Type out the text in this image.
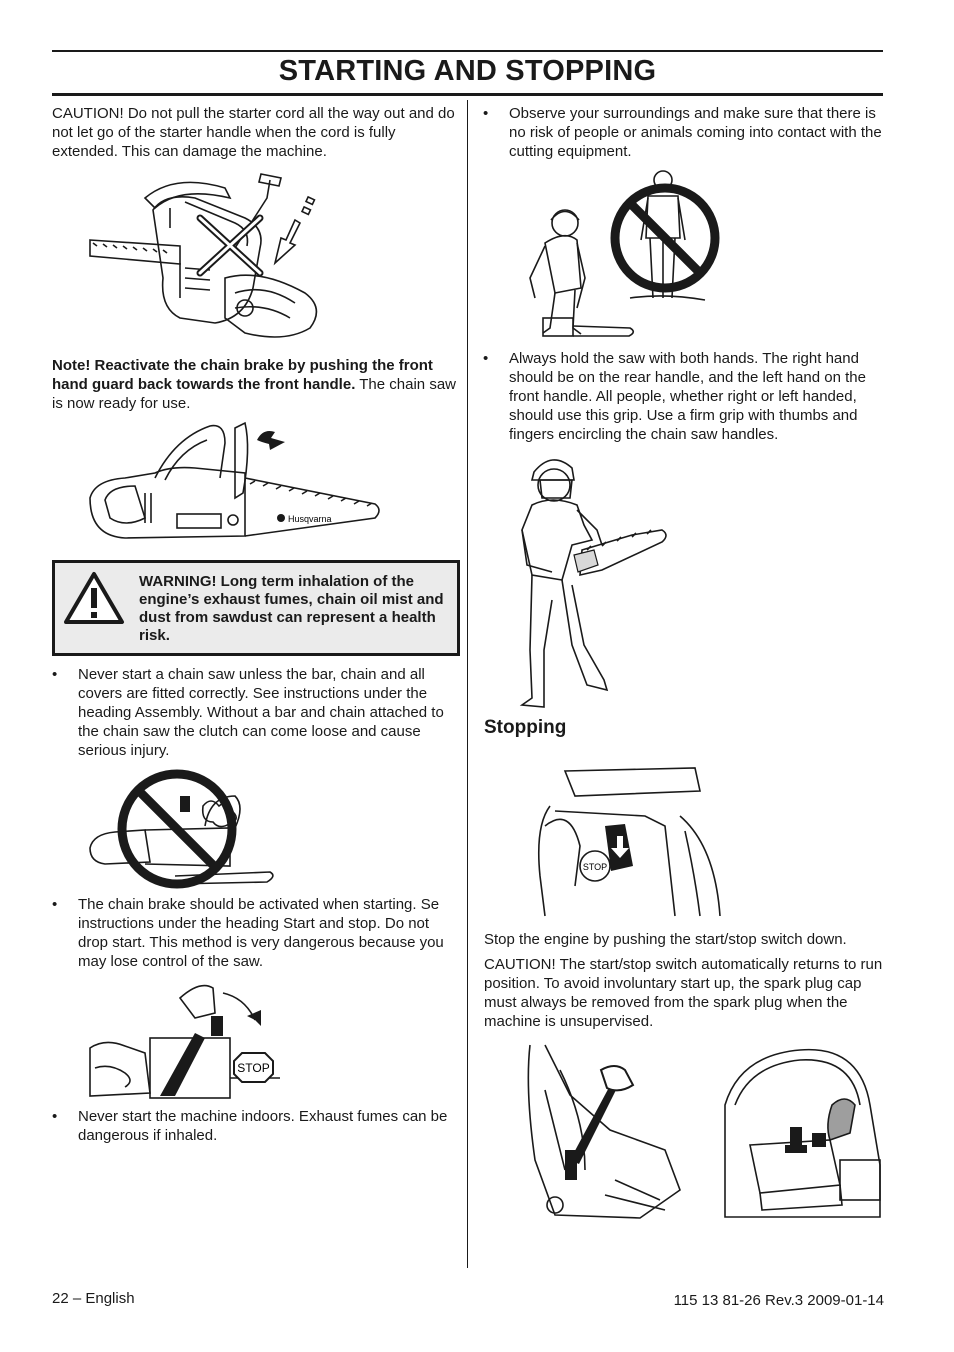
STARTING AND STOPPING

CAUTION! Do not pull the starter cord all the way out and do not let go of the starter handle when the cord is fully extended. This can damage the machine.

Note! Reactivate the chain brake by pushing the front hand guard back towards the front handle. The chain saw is now ready for use.

Husqvarna
WARNING! Long term inhalation of the engine’s exhaust fumes, chain oil mist and dust from sawdust can represent a health risk.
• Never start a chain saw unless the bar, chain and all covers are fitted correctly. See instructions under the heading Assembly. Without a bar and chain attached to the chain saw the clutch can come loose and cause serious injury.
• The chain brake should be activated when starting. Se instructions under the heading Start and stop. Do not drop start. This method is very dangerous because you may lose control of the saw.
STOP
• Never start the machine indoors. Exhaust fumes can be dangerous if inhaled.
• Observe your surroundings and make sure that there is no risk of people or animals coming into contact with the cutting equipment.
• Always hold the saw with both hands. The right hand should be on the rear handle, and the left hand on the front handle. All people, whether right or left handed, should use this grip. Use a firm grip with thumbs and fingers encircling the chain saw handles.
Stopping
STOP

Stop the engine by pushing the start/stop switch down.

CAUTION! The start/stop switch automatically returns to run position. To avoid involuntary start up, the spark plug cap must always be removed from the spark plug when the machine is unsupervised.

22 – English	115 13 81-26 Rev.3 2009-01-14
